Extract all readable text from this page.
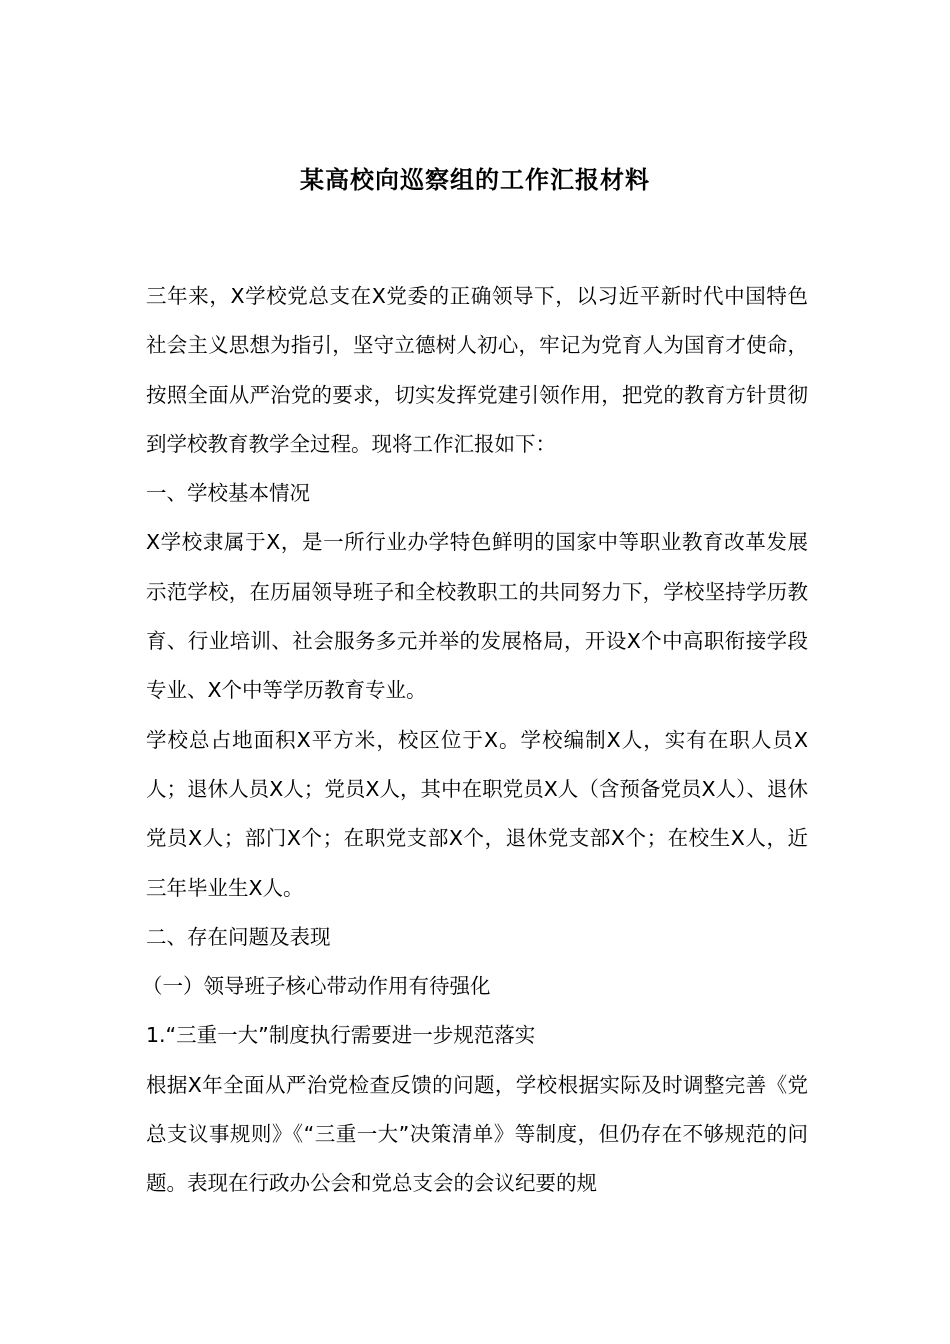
某高校向巡察组的工作汇报材料

三年来，X学校党总支在X党委的正确领导下，以习近平新时代中国特色社会主义思想为指引，坚守立德树人初心，牢记为党育人为国育才使命，按照全面从严治党的要求，切实发挥党建引领作用，把党的教育方针贯彻到学校教育教学全过程。现将工作汇报如下：

一、学校基本情况

X学校隶属于X，是一所行业办学特色鲜明的国家中等职业教育改革发展示范学校，在历届领导班子和全校教职工的共同努力下，学校坚持学历教育、行业培训、社会服务多元并举的发展格局，开设X个中高职衔接学段专业、X个中等学历教育专业。

学校总占地面积X平方米，校区位于X。学校编制X人，实有在职人员X人；退休人员X人；党员X人，其中在职党员X人（含预备党员X人）、退休党员X人；部门X个；在职党支部X个，退休党支部X个；在校生X人，近三年毕业生X人。

二、存在问题及表现

（一）领导班子核心带动作用有待强化

1.“三重一大”制度执行需要进一步规范落实

根据X年全面从严治党检查反馈的问题，学校根据实际及时调整完善《党总支议事规则》《“三重一大”决策清单》等制度，但仍存在不够规范的问题。表现在行政办公会和党总支会的会议纪要的规
